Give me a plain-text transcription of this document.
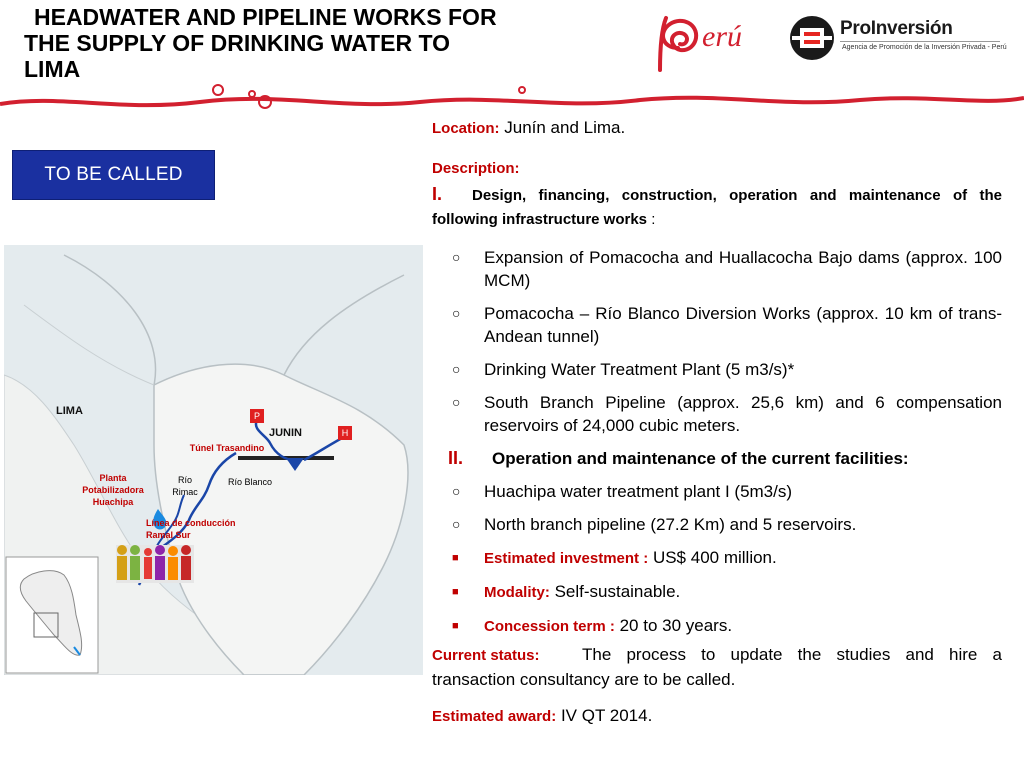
HEADWATER AND PIPELINE WORKS FOR
THE SUPPLY OF DRINKING WATER TO
LIMA
erú	ProInversión
Agencia de Promoción de la Inversión Privada - Perú
TO BE CALLED
LIMA
JUNIN
P
H
Túnel Trasandino
Planta
Potabilizadora
Huachipa
Río
Rimac
Río Blanco
Línea de conducción
Ramal Sur
Location: Junín and Lima.
Description:
I. Design, financing, construction, operation and maintenance of the following infrastructure works :
○ Expansion of Pomacocha and Huallacocha Bajo dams (approx. 100 MCM)
○ Pomacocha – Río Blanco Diversion Works (approx. 10 km of trans-Andean tunnel)
○ Drinking Water Treatment Plant (5 m3/s)*
○ South Branch Pipeline (approx. 25,6 km) and 6 compensation reservoirs of 24,000 cubic meters.
II. Operation and maintenance of the current facilities:
○ Huachipa water treatment plant I (5m3/s)
○ North branch pipeline (27.2 Km) and 5 reservoirs.
■ Estimated investment : US$ 400 million.
■ Modality: Self-sustainable.
■ Concession term : 20 to 30 years.
Current status: The process to update the studies and hire a transaction consultancy are to be called.
Estimated award: IV QT 2014.
